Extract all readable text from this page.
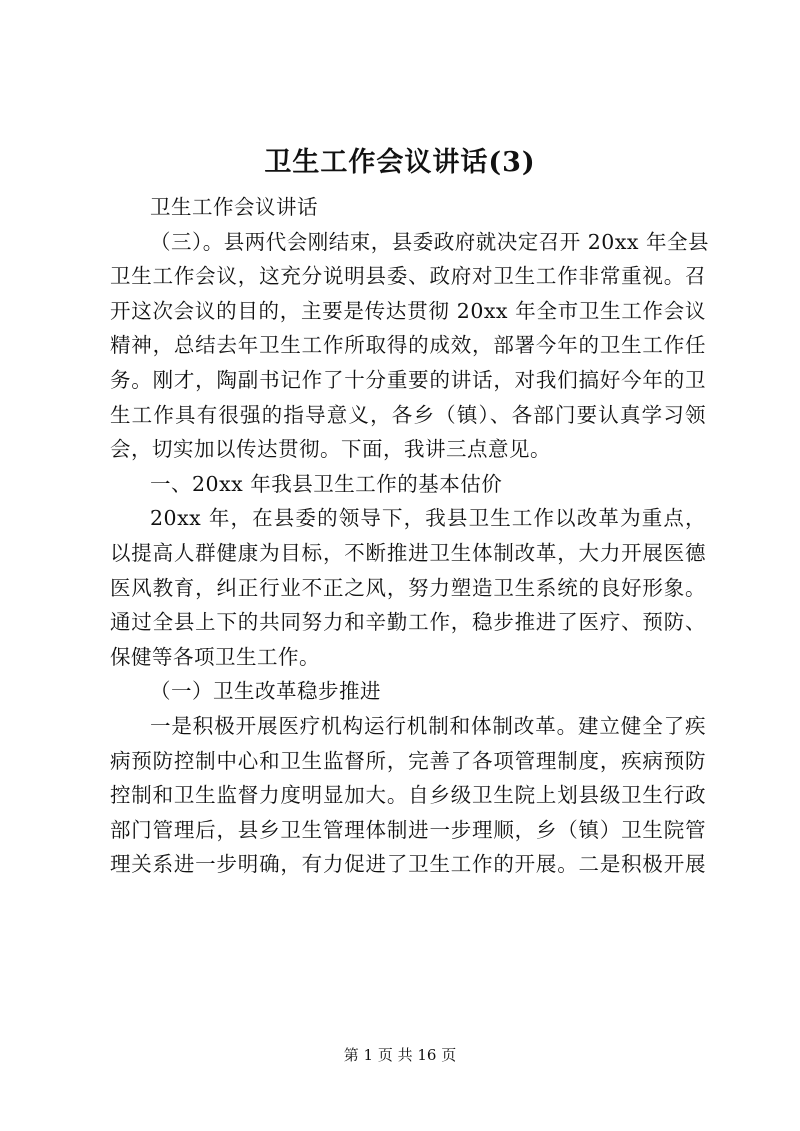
卫生工作会议讲话(3)
卫生工作会议讲话
（三）。县两代会刚结束，县委政府就决定召开 20xx 年全县
卫生工作会议，这充分说明县委、政府对卫生工作非常重视。召
开这次会议的目的，主要是传达贯彻 20xx 年全市卫生工作会议
精神，总结去年卫生工作所取得的成效，部署今年的卫生工作任
务。刚才，陶副书记作了十分重要的讲话，对我们搞好今年的卫
生工作具有很强的指导意义，各乡（镇）、各部门要认真学习领
会，切实加以传达贯彻。下面，我讲三点意见。
一、20xx 年我县卫生工作的基本估价
20xx 年，在县委的领导下，我县卫生工作以改革为重点，
以提高人群健康为目标，不断推进卫生体制改革，大力开展医德
医风教育，纠正行业不正之风，努力塑造卫生系统的良好形象。
通过全县上下的共同努力和辛勤工作，稳步推进了医疗、预防、
保健等各项卫生工作。
（一）卫生改革稳步推进
一是积极开展医疗机构运行机制和体制改革。建立健全了疾
病预防控制中心和卫生监督所，完善了各项管理制度，疾病预防
控制和卫生监督力度明显加大。自乡级卫生院上划县级卫生行政
部门管理后，县乡卫生管理体制进一步理顺，乡（镇）卫生院管
理关系进一步明确，有力促进了卫生工作的开展。二是积极开展
第 1 页 共 16 页
